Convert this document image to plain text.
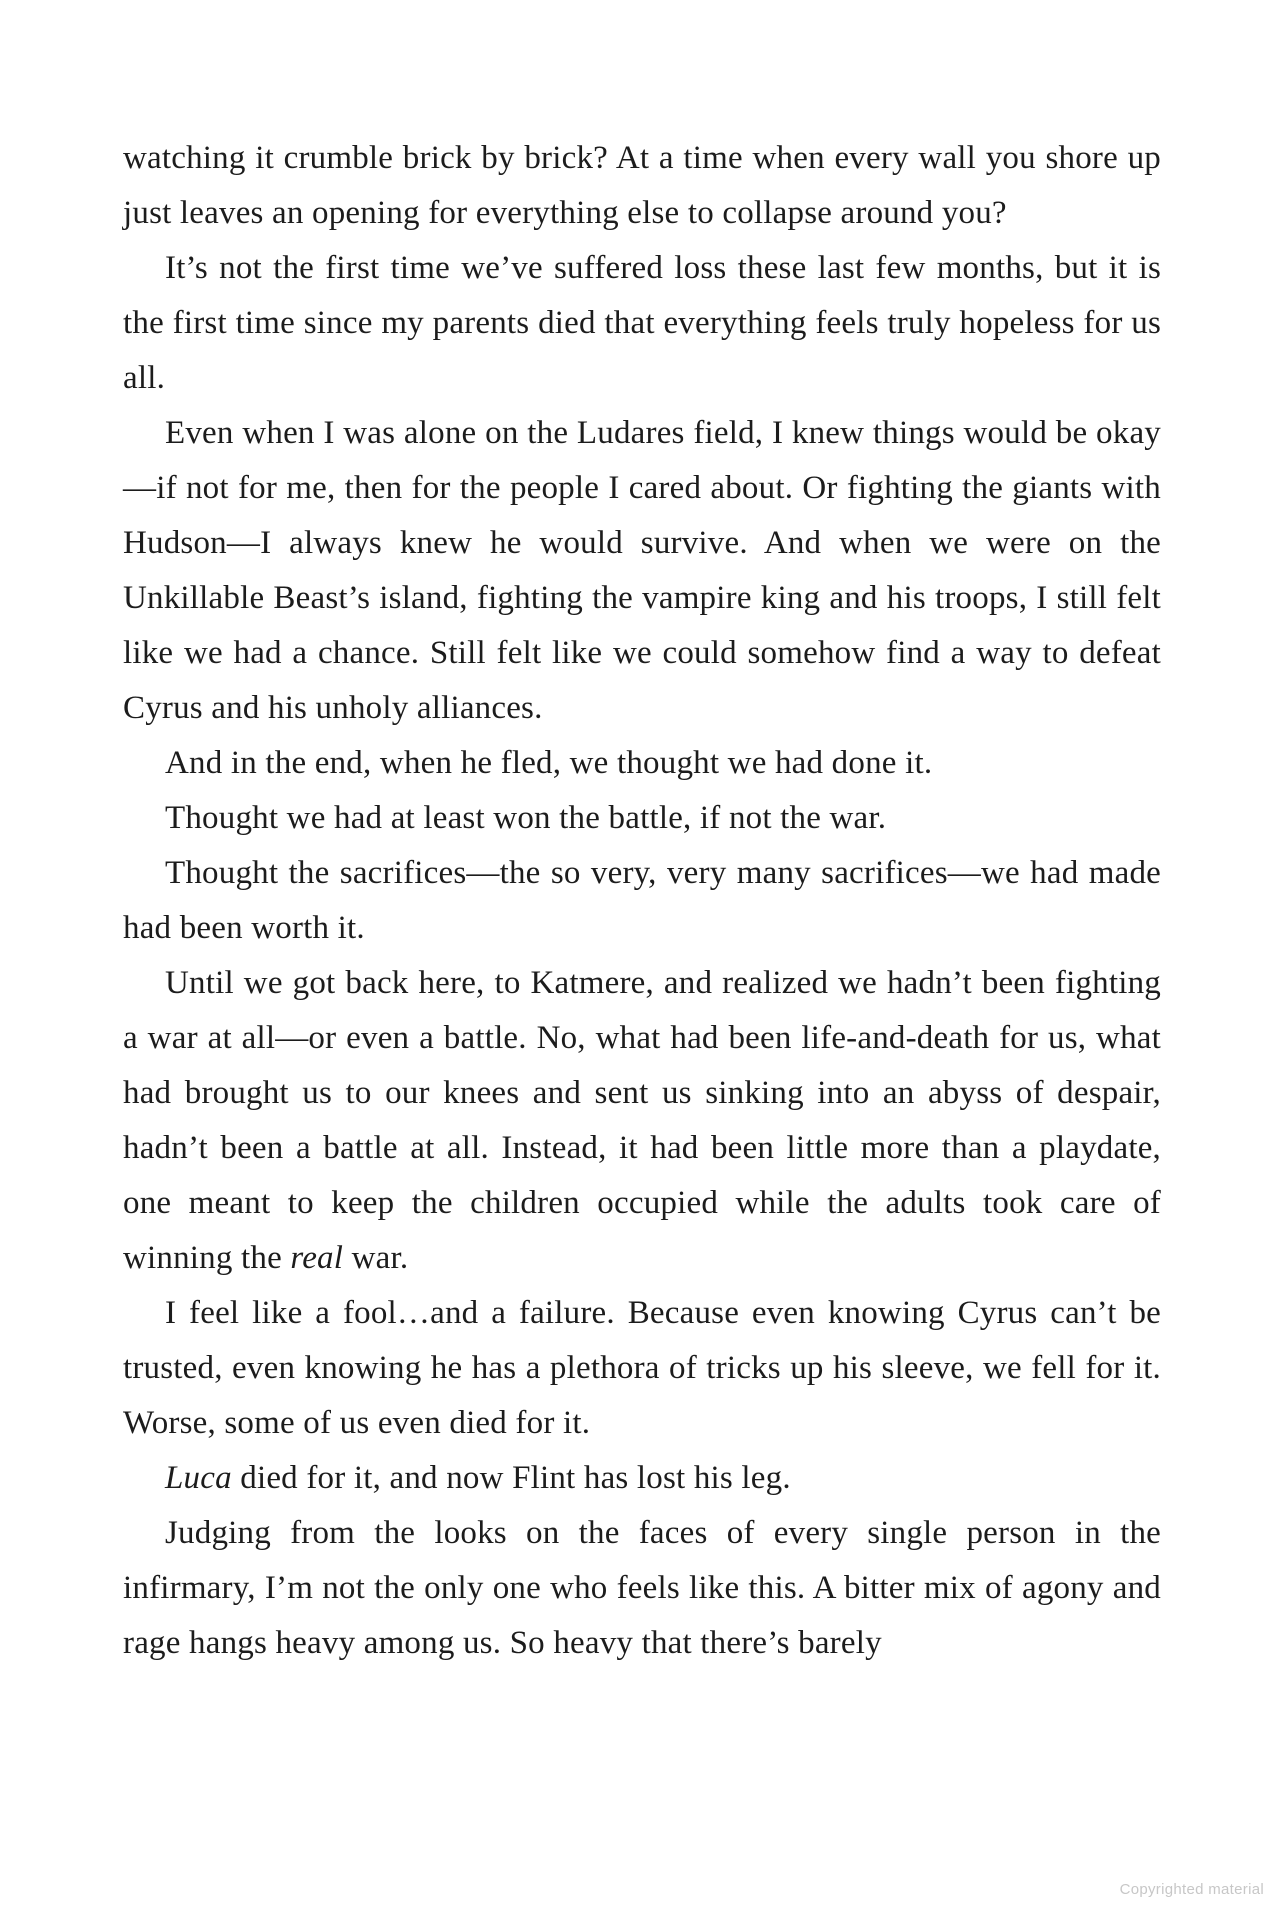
watching it crumble brick by brick? At a time when every wall you shore up just leaves an opening for everything else to collapse around you?

It’s not the first time we’ve suffered loss these last few months, but it is the first time since my parents died that everything feels truly hopeless for us all.

Even when I was alone on the Ludares field, I knew things would be okay—if not for me, then for the people I cared about. Or fighting the giants with Hudson—I always knew he would survive. And when we were on the Unkillable Beast’s island, fighting the vampire king and his troops, I still felt like we had a chance. Still felt like we could somehow find a way to defeat Cyrus and his unholy alliances.

And in the end, when he fled, we thought we had done it.

Thought we had at least won the battle, if not the war.

Thought the sacrifices—the so very, very many sacrifices—we had made had been worth it.

Until we got back here, to Katmere, and realized we hadn’t been fighting a war at all—or even a battle. No, what had been life-and-death for us, what had brought us to our knees and sent us sinking into an abyss of despair, hadn’t been a battle at all. Instead, it had been little more than a playdate, one meant to keep the children occupied while the adults took care of winning the real war.

I feel like a fool…and a failure. Because even knowing Cyrus can’t be trusted, even knowing he has a plethora of tricks up his sleeve, we fell for it. Worse, some of us even died for it.

Luca died for it, and now Flint has lost his leg.

Judging from the looks on the faces of every single person in the infirmary, I’m not the only one who feels like this. A bitter mix of agony and rage hangs heavy among us. So heavy that there’s barely

Copyrighted material
